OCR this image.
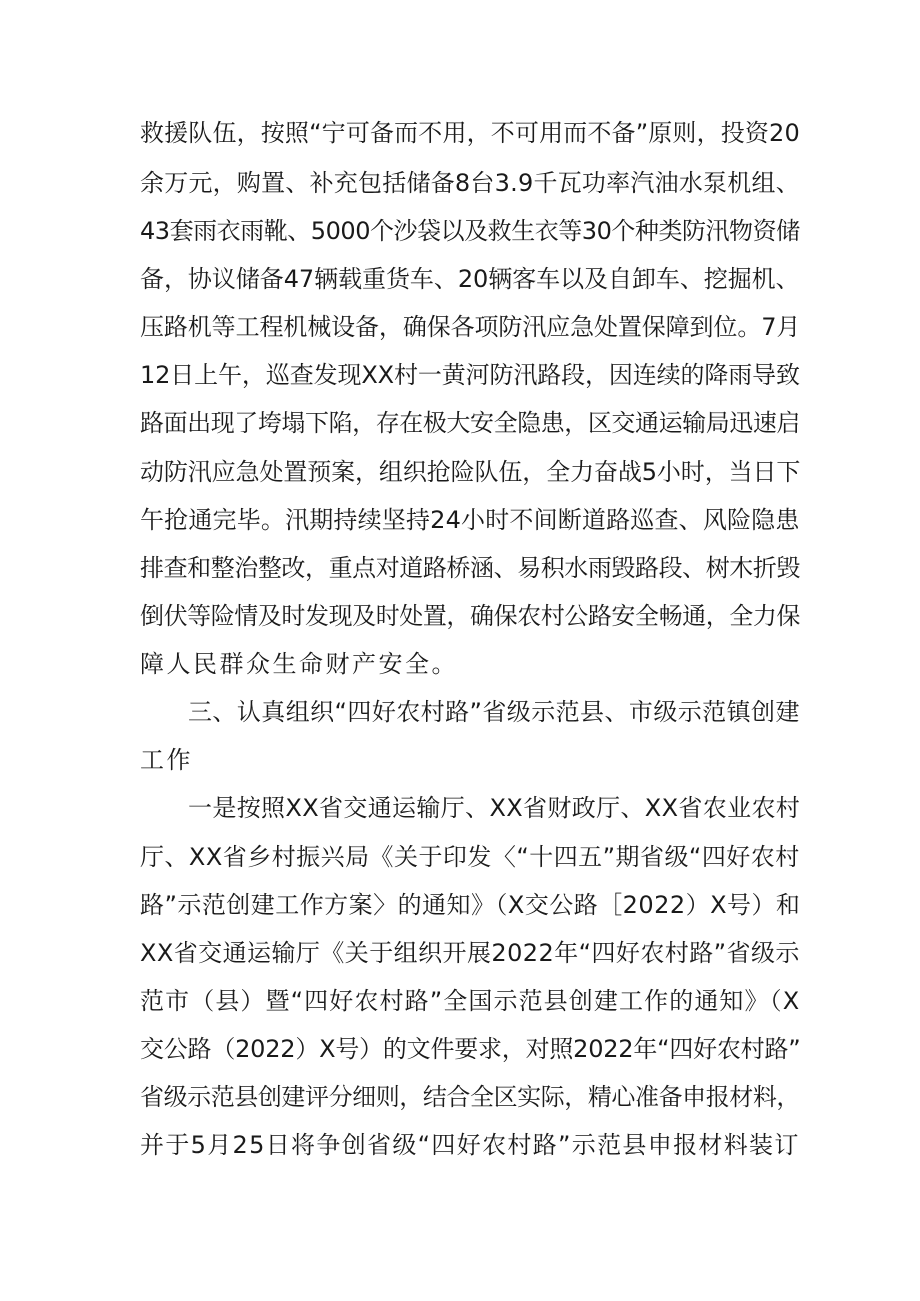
救援队伍，按照“宁可备而不用，不可用而不备”原则，投资20

余万元，购置、补充包括储备8台3.9千瓦功率汽油水泵机组、

43套雨衣雨靴、5000个沙袋以及救生衣等30个种类防汛物资储

备，协议储备47辆载重货车、20辆客车以及自卸车、挖掘机、

压路机等工程机械设备，确保各项防汛应急处置保障到位。7月

12日上午，巡查发现XX村一黄河防汛路段，因连续的降雨导致

路面出现了垮塌下陷，存在极大安全隐患，区交通运输局迅速启

动防汛应急处置预案，组织抢险队伍，全力奋战5小时，当日下

午抢通完毕。汛期持续坚持24小时不间断道路巡查、风险隐患

排查和整治整改，重点对道路桥涵、易积水雨毁路段、树木折毁

倒伏等险情及时发现及时处置，确保农村公路安全畅通，全力保

障人民群众生命财产安全。

三、认真组织“四好农村路”省级示范县、市级示范镇创建

工作

一是按照XX省交通运输厅、XX省财政厅、XX省农业农村

厅、XX省乡村振兴局《关于印发〈“十四五”期省级“四好农村

路”示范创建工作方案〉的通知》（X交公路［2022）X号）和

XX省交通运输厅《关于组织开展2022年“四好农村路”省级示

范市（县）暨“四好农村路”全国示范县创建工作的通知》（X

交公路（2022）X号）的文件要求，对照2022年“四好农村路”

省级示范县创建评分细则，结合全区实际，精心准备申报材料，

并于5月25日将争创省级“四好农村路”示范县申报材料装订
